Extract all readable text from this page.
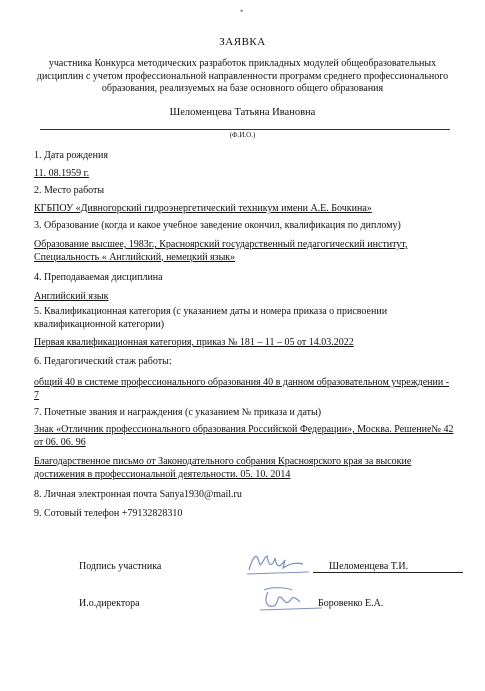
•
ЗАЯВКА
участника Конкурса методических разработок прикладных модулей общеобразовательных дисциплин с учетом профессиональной направленности программ среднего профессионального образования, реализуемых на базе основного общего образования
Шеломенцева Татьяна Ивановна
(Ф.И.О.)
1. Дата рождения
11. 08.1959 г.
2. Место работы
КГБПОУ «Дивногорский гидроэнергетический техникум имени А.Е. Бочкина»
3. Образование (когда и какое учебное заведение окончил, квалификация по диплому)
Образование высшее, 1983г., Красноярский государственный педагогический институт, Специальность « Английский, немецкий язык»
4. Преподаваемая дисциплина
Английский язык
5. Квалификационная категория (с указанием даты и номера приказа о присвоении квалификационной категории)
Первая квалификационная категория, приказ № 181 – 11 – 05 от 14.03.2022
6. Педагогический стаж работы:
общий 40 в системе профессионального образования 40 в данном образовательном учреждении - 7
7. Почетные звания и награждения (с указанием № приказа и даты)
Знак «Отличник профессионального образования Российской Федерации», Москва. Решение№ 42 от 06. 06. 96
Благодарственное письмо от Законодательного собрания Красноярского края за высокие достижения в профессиональной деятельности. 05. 10. 2014
8. Личная электронная почта Sanya1930@mail.ru
9. Сотовый телефон +79132828310
Подпись участника	Шеломенцева Т.И.
И.о.директора	Боровенко Е.А.
